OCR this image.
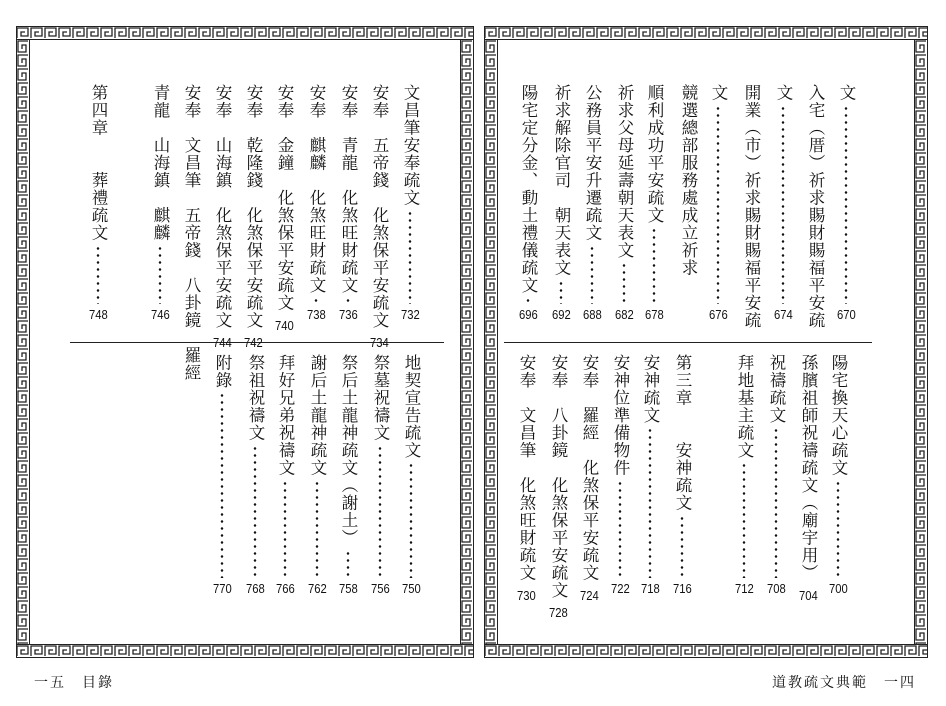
一五　目錄	道教疏文典範　一四
文昌筆安奉疏文
732
安奉　五帝錢　化煞保平安疏文
734
安奉　青龍　化煞旺財疏文
736
安奉　麒麟　化煞旺財疏文
738
安奉　金鐘　化煞保平安疏文
740
安奉　乾隆錢　化煞保平安疏文
742
安奉　山海鎮　化煞保平安疏文
744
安奉　文昌筆　五帝錢　八卦鏡　羅經
青龍　山海鎮　麒麟
746
第四章　　葬禮疏文
748
地契宣告疏文
750
祭墓祝禱文
756
祭后土龍神疏文（謝土）
758
謝后土龍神疏文
762
拜好兄弟祝禱文
766
祭祖祝禱文
768
附錄
770
文
670
入宅（厝）祈求賜財賜福平安疏
文
674
開業（市）祈求賜財賜福平安疏
文
676
競選總部服務處成立祈求
順利成功平安疏文
678
祈求父母延壽朝天表文
682
公務員平安升遷疏文
688
祈求解除官司　朝天表文
692
陽宅定分金、動土禮儀疏文
696
陽宅換天心疏文
700
孫臏祖師祝禱疏文（廟宇用）
704
祝禱疏文
708
拜地基主疏文
712
第三章　　安神疏文
716
安神疏文
718
安神位準備物件
722
安奉　羅經　化煞保平安疏文
724
安奉　八卦鏡　化煞保平安疏文
728
安奉　文昌筆　化煞旺財疏文
730
